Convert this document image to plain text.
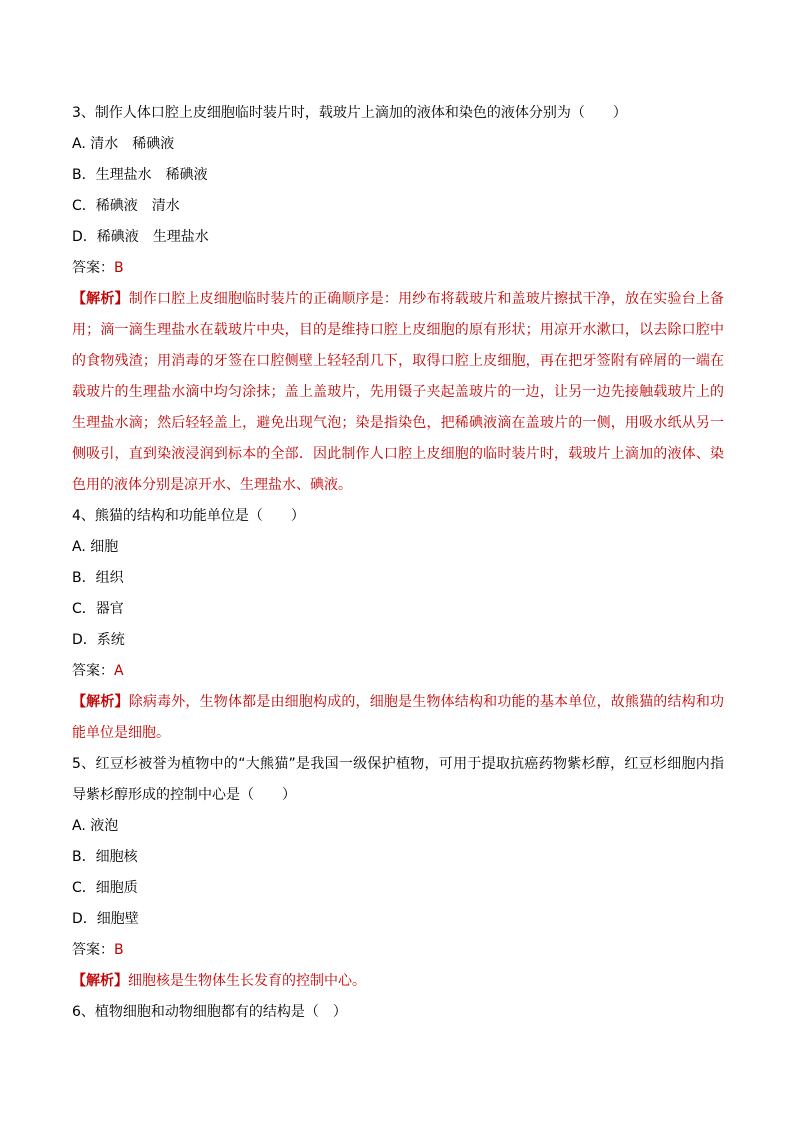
3、制作人体口腔上皮细胞临时装片时，载玻片上滴加的液体和染色的液体分别为（　　）
A. 清水　稀碘液
B．生理盐水　稀碘液
C．稀碘液　清水
D．稀碘液　生理盐水
答案：B
【解析】制作口腔上皮细胞临时装片的正确顺序是：用纱布将载玻片和盖玻片擦拭干净，放在实验台上备用；滴一滴生理盐水在载玻片中央，目的是维持口腔上皮细胞的原有形状；用凉开水漱口，以去除口腔中的食物残渣；用消毒的牙签在口腔侧壁上轻轻刮几下，取得口腔上皮细胞，再在把牙签附有碎屑的一端在载玻片的生理盐水滴中均匀涂抹；盖上盖玻片，先用镊子夹起盖玻片的一边，让另一边先接触载玻片上的生理盐水滴；然后轻轻盖上，避免出现气泡；染是指染色，把稀碘液滴在盖玻片的一侧，用吸水纸从另一侧吸引，直到染液浸润到标本的全部．因此制作人口腔上皮细胞的临时装片时，载玻片上滴加的液体、染色用的液体分别是凉开水、生理盐水、碘液。
4、熊猫的结构和功能单位是（　　）
A. 细胞
B．组织
C．器官
D．系统
答案：A
【解析】除病毒外，生物体都是由细胞构成的，细胞是生物体结构和功能的基本单位，故熊猫的结构和功能单位是细胞。
5、红豆杉被誉为植物中的“大熊猫”是我国一级保护植物，可用于提取抗癌药物紫杉醇，红豆杉细胞内指导紫杉醇形成的控制中心是（　　）
A. 液泡
B．细胞核
C．细胞质
D．细胞壁
答案：B
【解析】细胞核是生物体生长发育的控制中心。
6、植物细胞和动物细胞都有的结构是（　）
